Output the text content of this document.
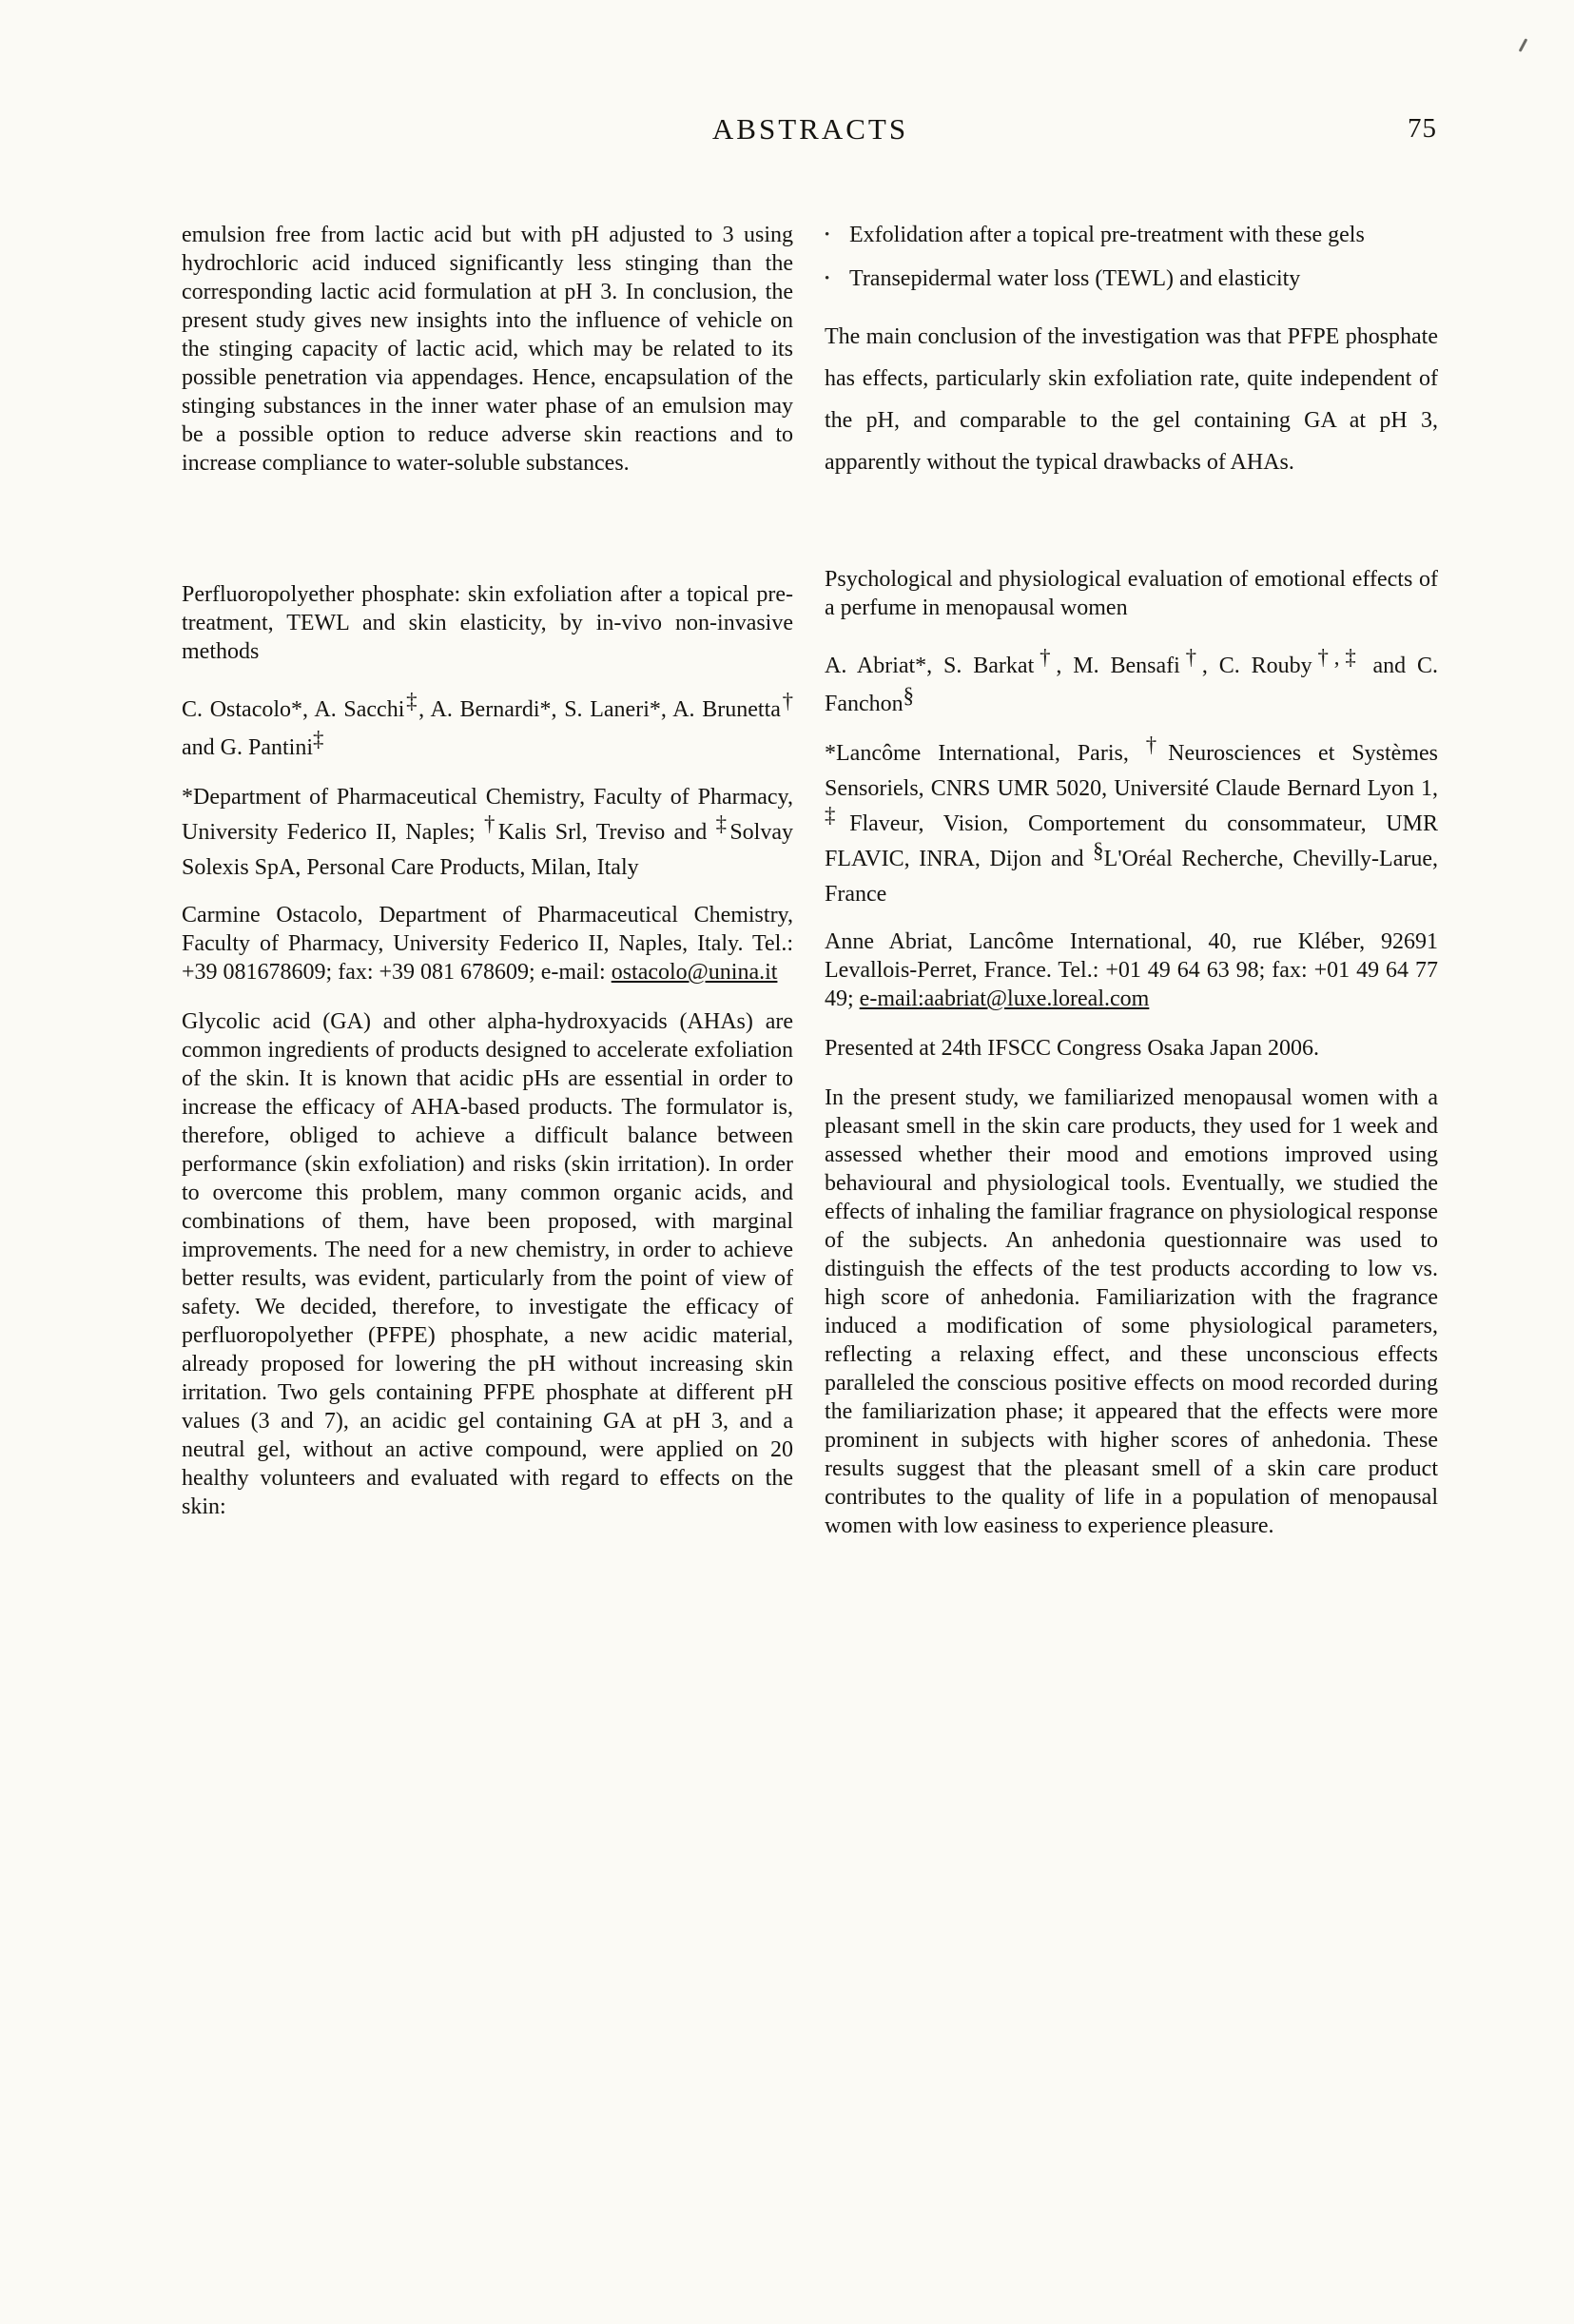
ABSTRACTS	75

emulsion free from lactic acid but with pH adjusted to 3 using hydrochloric acid induced significantly less stinging than the corresponding lactic acid formulation at pH 3. In conclusion, the present study gives new insights into the influence of vehicle on the stinging capacity of lactic acid, which may be related to its possible penetration via appendages. Hence, encapsulation of the stinging substances in the inner water phase of an emulsion may be a possible option to reduce adverse skin reactions and to increase compliance to water-soluble substances.

Perfluoropolyether phosphate: skin exfoliation after a topical pre-treatment, TEWL and skin elasticity, by in-vivo non-invasive methods

C. Ostacolo*, A. Sacchi‡, A. Bernardi*, S. Laneri*, A. Brunetta† and G. Pantini‡

*Department of Pharmaceutical Chemistry, Faculty of Pharmacy, University Federico II, Naples; †Kalis Srl, Treviso and ‡Solvay Solexis SpA, Personal Care Products, Milan, Italy

Carmine Ostacolo, Department of Pharmaceutical Chemistry, Faculty of Pharmacy, University Federico II, Naples, Italy. Tel.: +39 081678609; fax: +39 081 678609; e-mail: ostacolo@unina.it

Glycolic acid (GA) and other alpha-hydroxyacids (AHAs) are common ingredients of products designed to accelerate exfoliation of the skin. It is known that acidic pHs are essential in order to increase the efficacy of AHA-based products. The formulator is, therefore, obliged to achieve a difficult balance between performance (skin exfoliation) and risks (skin irritation). In order to overcome this problem, many common organic acids, and combinations of them, have been proposed, with marginal improvements. The need for a new chemistry, in order to achieve better results, was evident, particularly from the point of view of safety. We decided, therefore, to investigate the efficacy of perfluoropolyether (PFPE) phosphate, a new acidic material, already proposed for lowering the pH without increasing skin irritation. Two gels containing PFPE phosphate at different pH values (3 and 7), an acidic gel containing GA at pH 3, and a neutral gel, without an active compound, were applied on 20 healthy volunteers and evaluated with regard to effects on the skin:

•
Exfolidation after a topical pre-treatment with these gels
•
Transepidermal water loss (TEWL) and elasticity

The main conclusion of the investigation was that PFPE phosphate has effects, particularly skin exfoliation rate, quite independent of the pH, and comparable to the gel containing GA at pH 3, apparently without the typical drawbacks of AHAs.

Psychological and physiological evaluation of emotional effects of a perfume in menopausal women

A. Abriat*, S. Barkat†, M. Bensafi†, C. Rouby†,‡ and C. Fanchon§

*Lancôme International, Paris, †Neurosciences et Systèmes Sensoriels, CNRS UMR 5020, Université Claude Bernard Lyon 1, ‡Flaveur, Vision, Comportement du consommateur, UMR FLAVIC, INRA, Dijon and §L'Oréal Recherche, Chevilly-Larue, France

Anne Abriat, Lancôme International, 40, rue Kléber, 92691 Levallois-Perret, France. Tel.: +01 49 64 63 98; fax: +01 49 64 77 49; e-mail:aabriat@luxe.loreal.com

Presented at 24th IFSCC Congress Osaka Japan 2006.

In the present study, we familiarized menopausal women with a pleasant smell in the skin care products, they used for 1 week and assessed whether their mood and emotions improved using behavioural and physiological tools. Eventually, we studied the effects of inhaling the familiar fragrance on physiological response of the subjects. An anhedonia questionnaire was used to distinguish the effects of the test products according to low vs. high score of anhedonia. Familiarization with the fragrance induced a modification of some physiological parameters, reflecting a relaxing effect, and these unconscious effects paralleled the conscious positive effects on mood recorded during the familiarization phase; it appeared that the effects were more prominent in subjects with higher scores of anhedonia. These results suggest that the pleasant smell of a skin care product contributes to the quality of life in a population of menopausal women with low easiness to experience pleasure.
